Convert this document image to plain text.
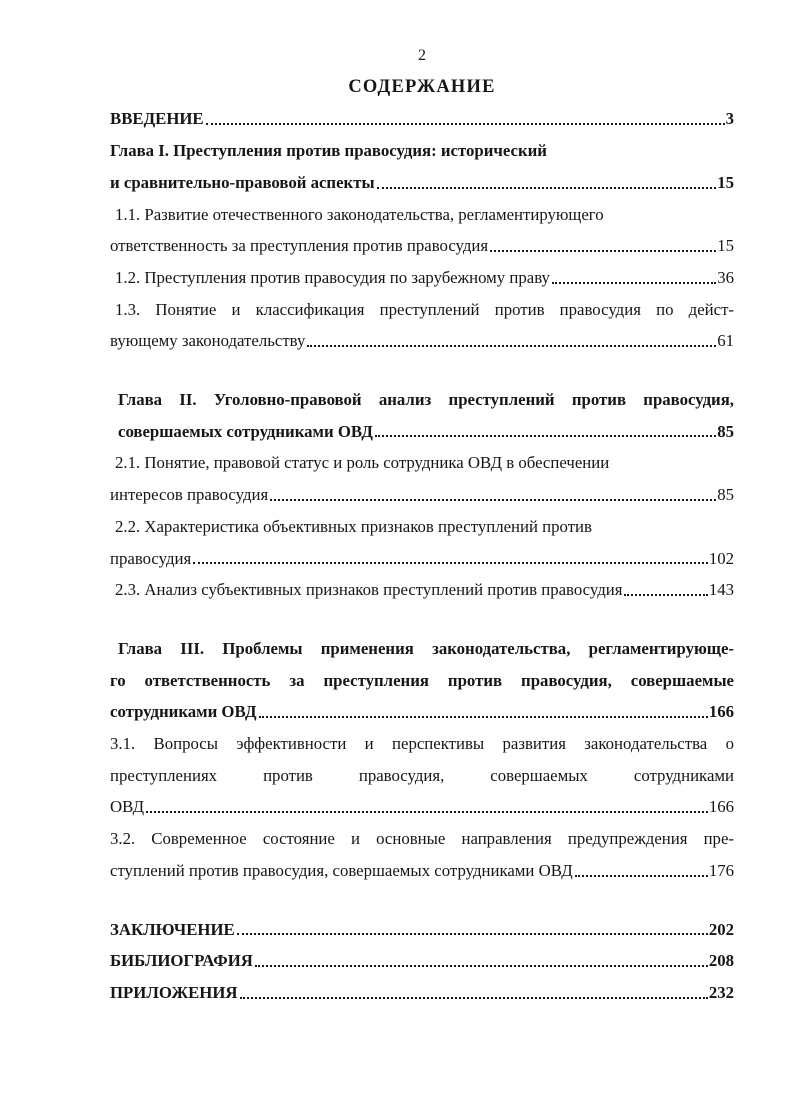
2
СОДЕРЖАНИЕ
ВВЕДЕНИЕ	3
Глава I. Преступления против правосудия: исторический
и сравнительно-правовой аспекты	15
1.1. Развитие отечественного законодательства, регламентирующего
ответственность за преступления против правосудия	15
1.2. Преступления против правосудия по зарубежному праву	36
1.3. Понятие и классификация преступлений против правосудия по дейст-
вующему законодательству	61
Глава II. Уголовно-правовой анализ преступлений против правосудия,
совершаемых сотрудниками ОВД	85
2.1. Понятие, правовой статус и роль сотрудника ОВД в обеспечении
интересов правосудия	85
2.2. Характеристика объективных признаков преступлений против
правосудия	102
2.3. Анализ субъективных признаков преступлений против правосудия	143
Глава III. Проблемы применения законодательства, регламентирующе-
го ответственность за преступления против правосудия, совершаемые
сотрудниками ОВД	166
3.1. Вопросы эффективности и перспективы развития законодательства о
преступлениях против правосудия, совершаемых сотрудниками
ОВД	166
3.2. Современное состояние и основные направления предупреждения пре-
ступлений против правосудия, совершаемых сотрудниками ОВД	176
ЗАКЛЮЧЕНИЕ	202
БИБЛИОГРАФИЯ	208
ПРИЛОЖЕНИЯ	232
